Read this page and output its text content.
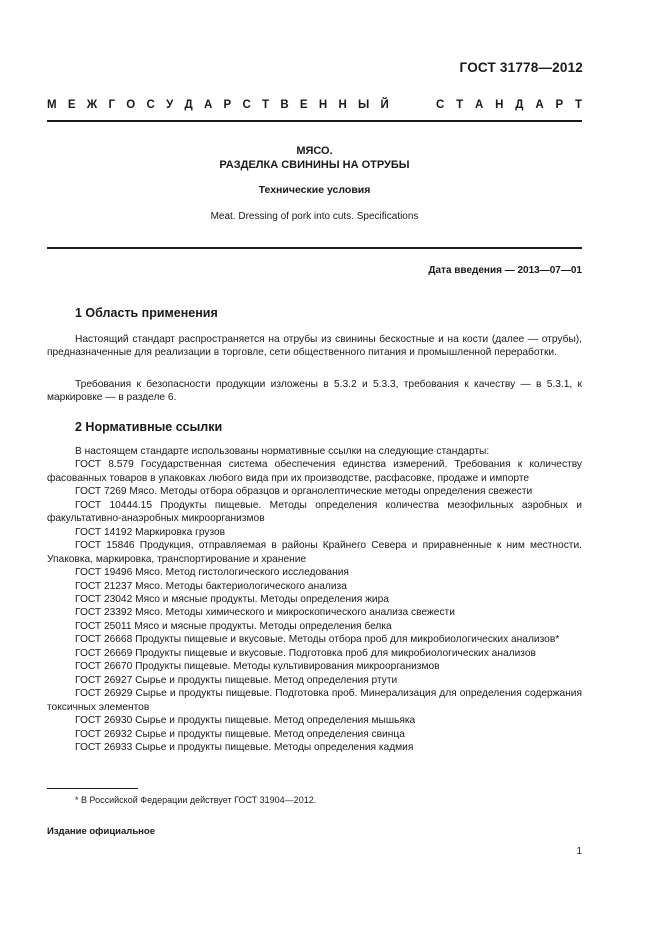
ГОСТ 31778—2012
М Е Ж Г О С У Д А Р С Т В Е Н Н Ы Й	С Т А Н Д А Р Т
МЯСО.
РАЗДЕЛКА СВИНИНЫ НА ОТРУБЫ
Технические условия
Meat. Dressing of pork into cuts. Specifications
Дата введения — 2013—07—01
1 Область применения
Настоящий стандарт распространяется на отрубы из свинины бескостные и на кости (далее — отрубы), предназначенные для реализации в торговле, сети общественного питания и промышленной переработки.
Требования к безопасности продукции изложены в 5.3.2 и 5.3.3, требования к качеству — в 5.3.1, к маркировке — в разделе 6.
2 Нормативные ссылки
В настоящем стандарте использованы нормативные ссылки на следующие стандарты:
ГОСТ 8.579 Государственная система обеспечения единства измерений. Требования к количеству фасованных товаров в упаковках любого вида при их производстве, расфасовке, продаже и импорте
ГОСТ 7269 Мясо. Методы отбора образцов и органолептические методы определения свежести
ГОСТ 10444.15 Продукты пищевые. Методы определения количества мезофильных аэробных и факультативно-анаэробных микроорганизмов
ГОСТ 14192 Маркировка грузов
ГОСТ 15846 Продукция, отправляемая в районы Крайнего Севера и приравненные к ним местности. Упаковка, маркировка, транспортирование и хранение
ГОСТ 19496 Мясо. Метод гистологического исследования
ГОСТ 21237 Мясо. Методы бактериологического анализа
ГОСТ 23042 Мясо и мясные продукты. Методы определения жира
ГОСТ 23392 Мясо. Методы химического и микроскопического анализа свежести
ГОСТ 25011 Мясо и мясные продукты. Методы определения белка
ГОСТ 26668 Продукты пищевые и вкусовые. Методы отбора проб для микробиологических анализов*
ГОСТ 26669 Продукты пищевые и вкусовые. Подготовка проб для микробиологических анализов
ГОСТ 26670 Продукты пищевые. Методы культивирования микроорганизмов
ГОСТ 26927 Сырье и продукты пищевые. Метод определения ртути
ГОСТ 26929 Сырье и продукты пищевые. Подготовка проб. Минерализация для определения содержания токсичных элементов
ГОСТ 26930 Сырье и продукты пищевые. Метод определения мышьяка
ГОСТ 26932 Сырье и продукты пищевые. Метод определения свинца
ГОСТ 26933 Сырье и продукты пищевые. Методы определения кадмия
* В Российской Федерации действует ГОСТ 31904—2012.
Издание официальное
1
